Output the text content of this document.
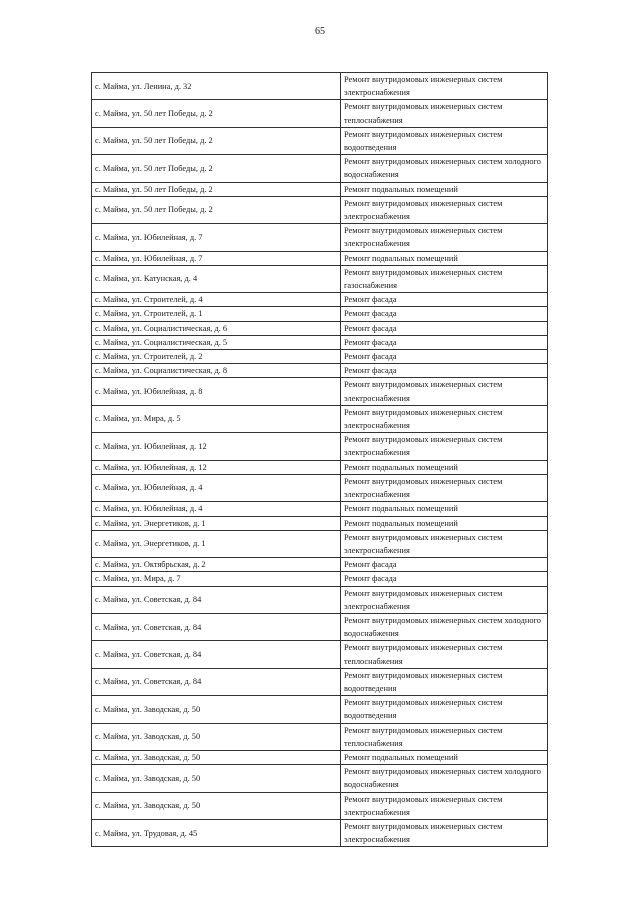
65
с. Майма, ул. Ленина, д. 32	Ремонт внутридомовых инженерных систем электроснабжения
с. Майма, ул. 50 лет Победы, д. 2	Ремонт внутридомовых инженерных систем теплоснабжения
с. Майма, ул. 50 лет Победы, д. 2	Ремонт внутридомовых инженерных систем водоотведения
с. Майма, ул. 50 лет Победы, д. 2	Ремонт внутридомовых инженерных систем холодного водоснабжения
с. Майма, ул. 50 лет Победы, д. 2	Ремонт подвальных помещений
с. Майма, ул. 50 лет Победы, д. 2	Ремонт внутридомовых инженерных систем электроснабжения
с. Майма, ул. Юбилейная, д. 7	Ремонт внутридомовых инженерных систем электроснабжения
с. Майма, ул. Юбилейная, д. 7	Ремонт подвальных помещений
с. Майма, ул. Катунская, д. 4	Ремонт внутридомовых инженерных систем газоснабжения
с. Майма, ул. Строителей, д. 4	Ремонт фасада
с. Майма, ул. Строителей, д. 1	Ремонт фасада
с. Майма, ул. Социалистическая, д. 6	Ремонт фасада
с. Майма, ул. Социалистическая, д. 5	Ремонт фасада
с. Майма, ул. Строителей, д. 2	Ремонт фасада
с. Майма, ул. Социалистическая, д. 8	Ремонт фасада
с. Майма, ул. Юбилейная, д. 8	Ремонт внутридомовых инженерных систем электроснабжения
с. Майма, ул. Мира, д. 5	Ремонт внутридомовых инженерных систем электроснабжения
с. Майма, ул. Юбилейная, д. 12	Ремонт внутридомовых инженерных систем электроснабжения
с. Майма, ул. Юбилейная, д. 12	Ремонт подвальных помещений
с. Майма, ул. Юбилейная, д. 4	Ремонт внутридомовых инженерных систем электроснабжения
с. Майма, ул. Юбилейная, д. 4	Ремонт подвальных помещений
с. Майма, ул. Энергетиков, д. 1	Ремонт подвальных помещений
с. Майма, ул. Энергетиков, д. 1	Ремонт внутридомовых инженерных систем электроснабжения
с. Майма, ул. Октябрьская, д. 2	Ремонт фасада
с. Майма, ул. Мира, д. 7	Ремонт фасада
с. Майма, ул. Советская, д. 84	Ремонт внутридомовых инженерных систем электроснабжения
с. Майма, ул. Советская, д. 84	Ремонт внутридомовых инженерных систем холодного водоснабжения
с. Майма, ул. Советская, д. 84	Ремонт внутридомовых инженерных систем теплоснабжения
с. Майма, ул. Советская, д. 84	Ремонт внутридомовых инженерных систем водоотведения
с. Майма, ул. Заводская, д. 50	Ремонт внутридомовых инженерных систем водоотведения
с. Майма, ул. Заводская, д. 50	Ремонт внутридомовых инженерных систем теплоснабжения
с. Майма, ул. Заводская, д. 50	Ремонт подвальных помещений
с. Майма, ул. Заводская, д. 50	Ремонт внутридомовых инженерных систем холодного водоснабжения
с. Майма, ул. Заводская, д. 50	Ремонт внутридомовых инженерных систем электроснабжения
с. Майма, ул. Трудовая, д. 45	Ремонт внутридомовых инженерных систем электроснабжения
